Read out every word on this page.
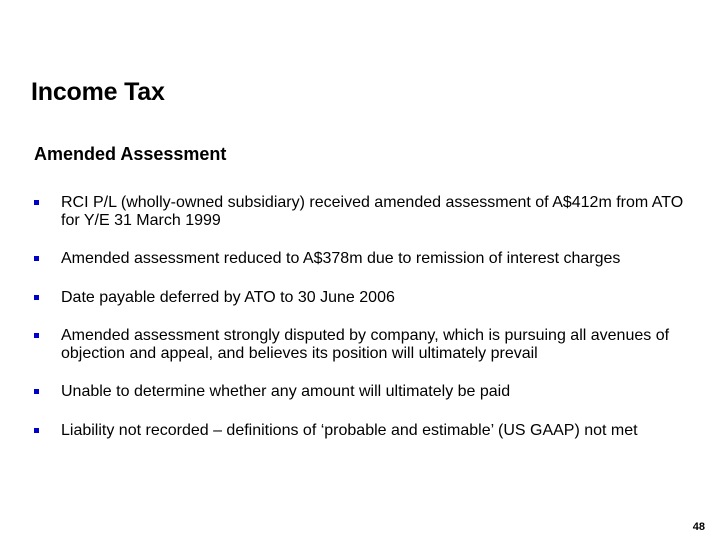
Income Tax
Amended Assessment
RCI P/L (wholly-owned subsidiary) received amended assessment of A$412m from ATO for Y/E 31 March 1999
Amended assessment reduced to A$378m due to remission of interest charges
Date payable deferred by ATO to 30 June 2006
Amended assessment strongly disputed by company, which is pursuing all avenues of objection and appeal, and believes its position will ultimately prevail
Unable to determine whether any amount will ultimately be paid
Liability not recorded – definitions of ‘probable and estimable’ (US GAAP) not met
48
